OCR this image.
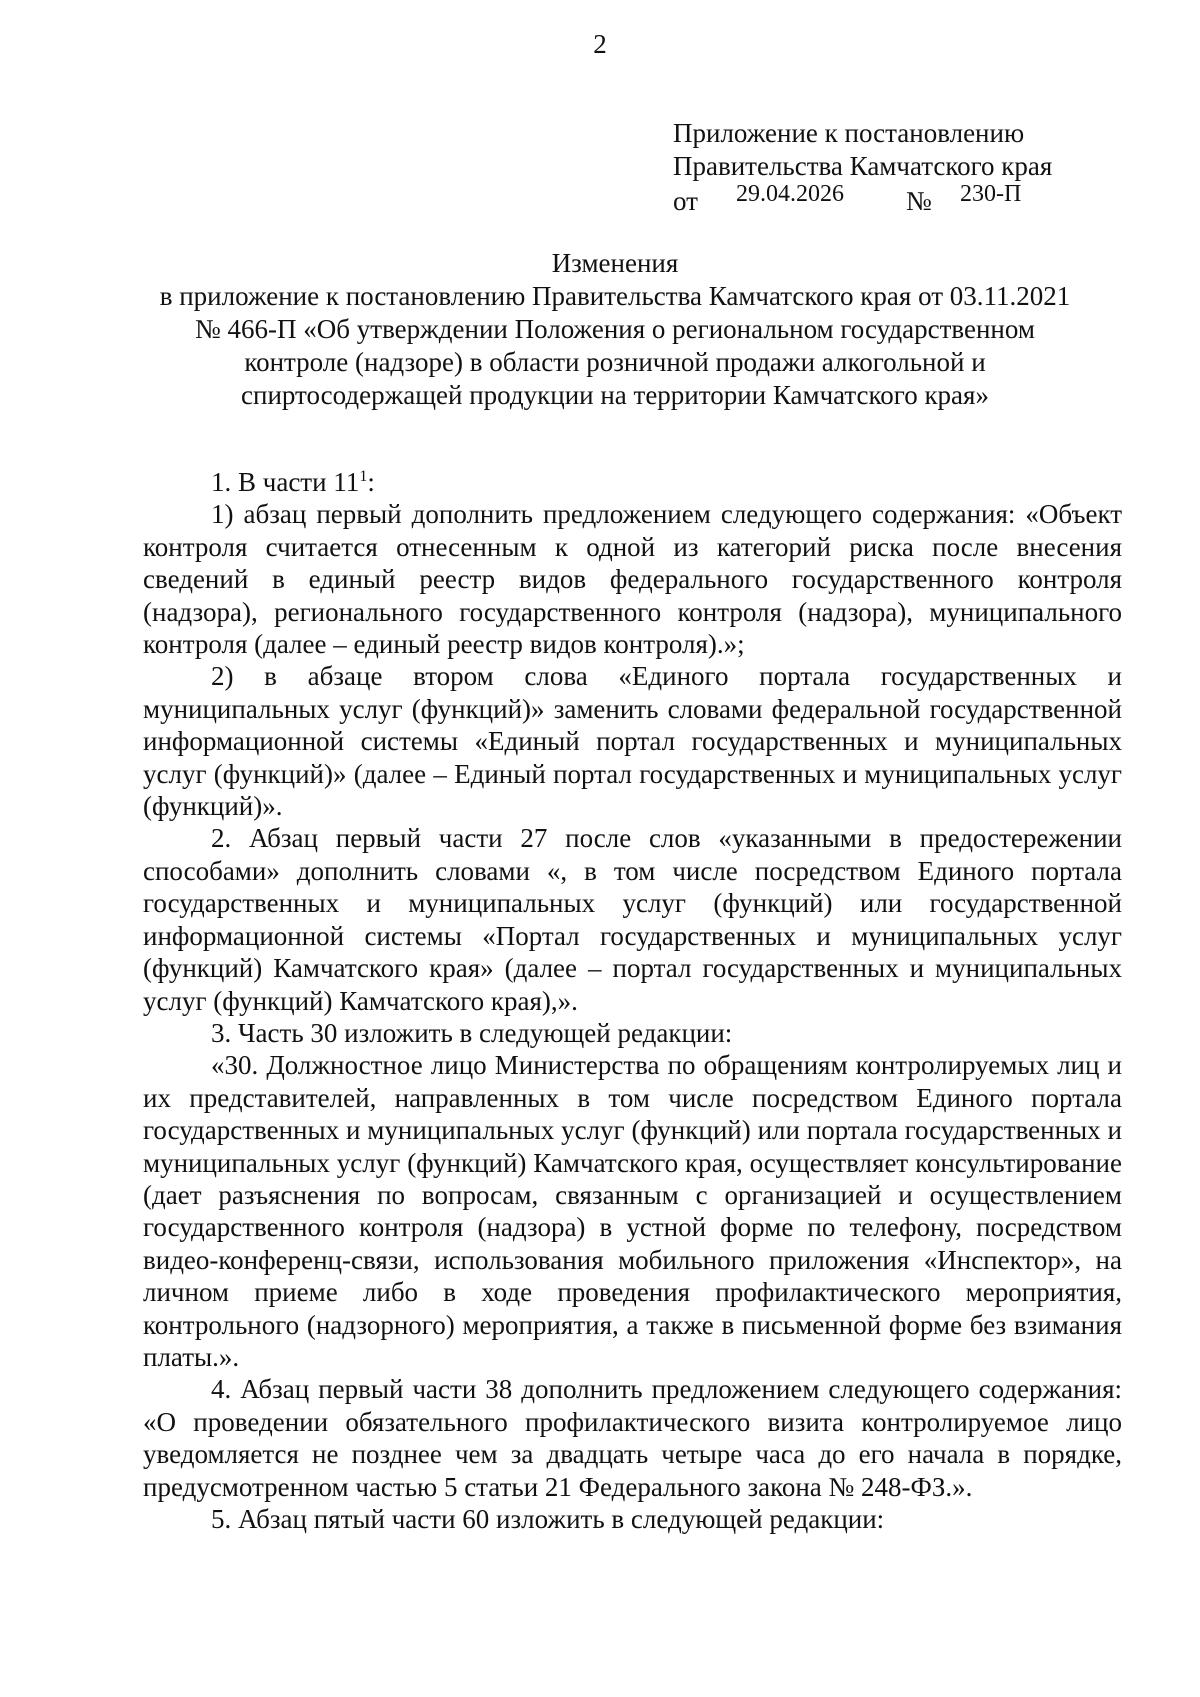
2
Приложение к постановлению
Правительства Камчатского края
от 29.04.2026 № 230-П
Изменения
в приложение к постановлению Правительства Камчатского края от 03.11.2021
№ 466-П «Об утверждении Положения о региональном государственном
контроле (надзоре) в области розничной продажи алкогольной и
спиртосодержащей продукции на территории Камчатского края»

1. В части $11^1$:

1) абзац первый дополнить предложением следующего содержания: «Объект контроля считается отнесенным к одной из категорий риска после внесения сведений в единый реестр видов федерального государственного контроля (надзора), регионального государственного контроля (надзора), муниципального контроля (далее – единый реестр видов контроля).»;

2) в абзаце втором слова «Единого портала государственных и муниципальных услуг (функций)» заменить словами федеральной государственной информационной системы «Единый портал государственных и муниципальных услуг (функций)» (далее – Единый портал государственных и муниципальных услуг (функций)».

2. Абзац первый части 27 после слов «указанными в предостережении способами» дополнить словами «, в том числе посредством Единого портала государственных и муниципальных услуг (функций) или государственной информационной системы «Портал государственных и муниципальных услуг (функций) Камчатского края» (далее – портал государственных и муниципальных услуг (функций) Камчатского края),».

3. Часть 30 изложить в следующей редакции:

«30. Должностное лицо Министерства по обращениям контролируемых лиц и их представителей, направленных в том числе посредством Единого портала государственных и муниципальных услуг (функций) или портала государственных и муниципальных услуг (функций) Камчатского края, осуществляет консультирование (дает разъяснения по вопросам, связанным с организацией и осуществлением государственного контроля (надзора) в устной форме по телефону, посредством видео-конференц-связи, использования мобильного приложения «Инспектор», на личном приеме либо в ходе проведения профилактического мероприятия, контрольного (надзорного) мероприятия, а также в письменной форме без взимания платы.».

4. Абзац первый части 38 дополнить предложением следующего содержания: «О проведении обязательного профилактического визита контролируемое лицо уведомляется не позднее чем за двадцать четыре часа до его начала в порядке, предусмотренном частью 5 статьи 21 Федерального закона № 248-ФЗ.».

5. Абзац пятый части 60 изложить в следующей редакции:
